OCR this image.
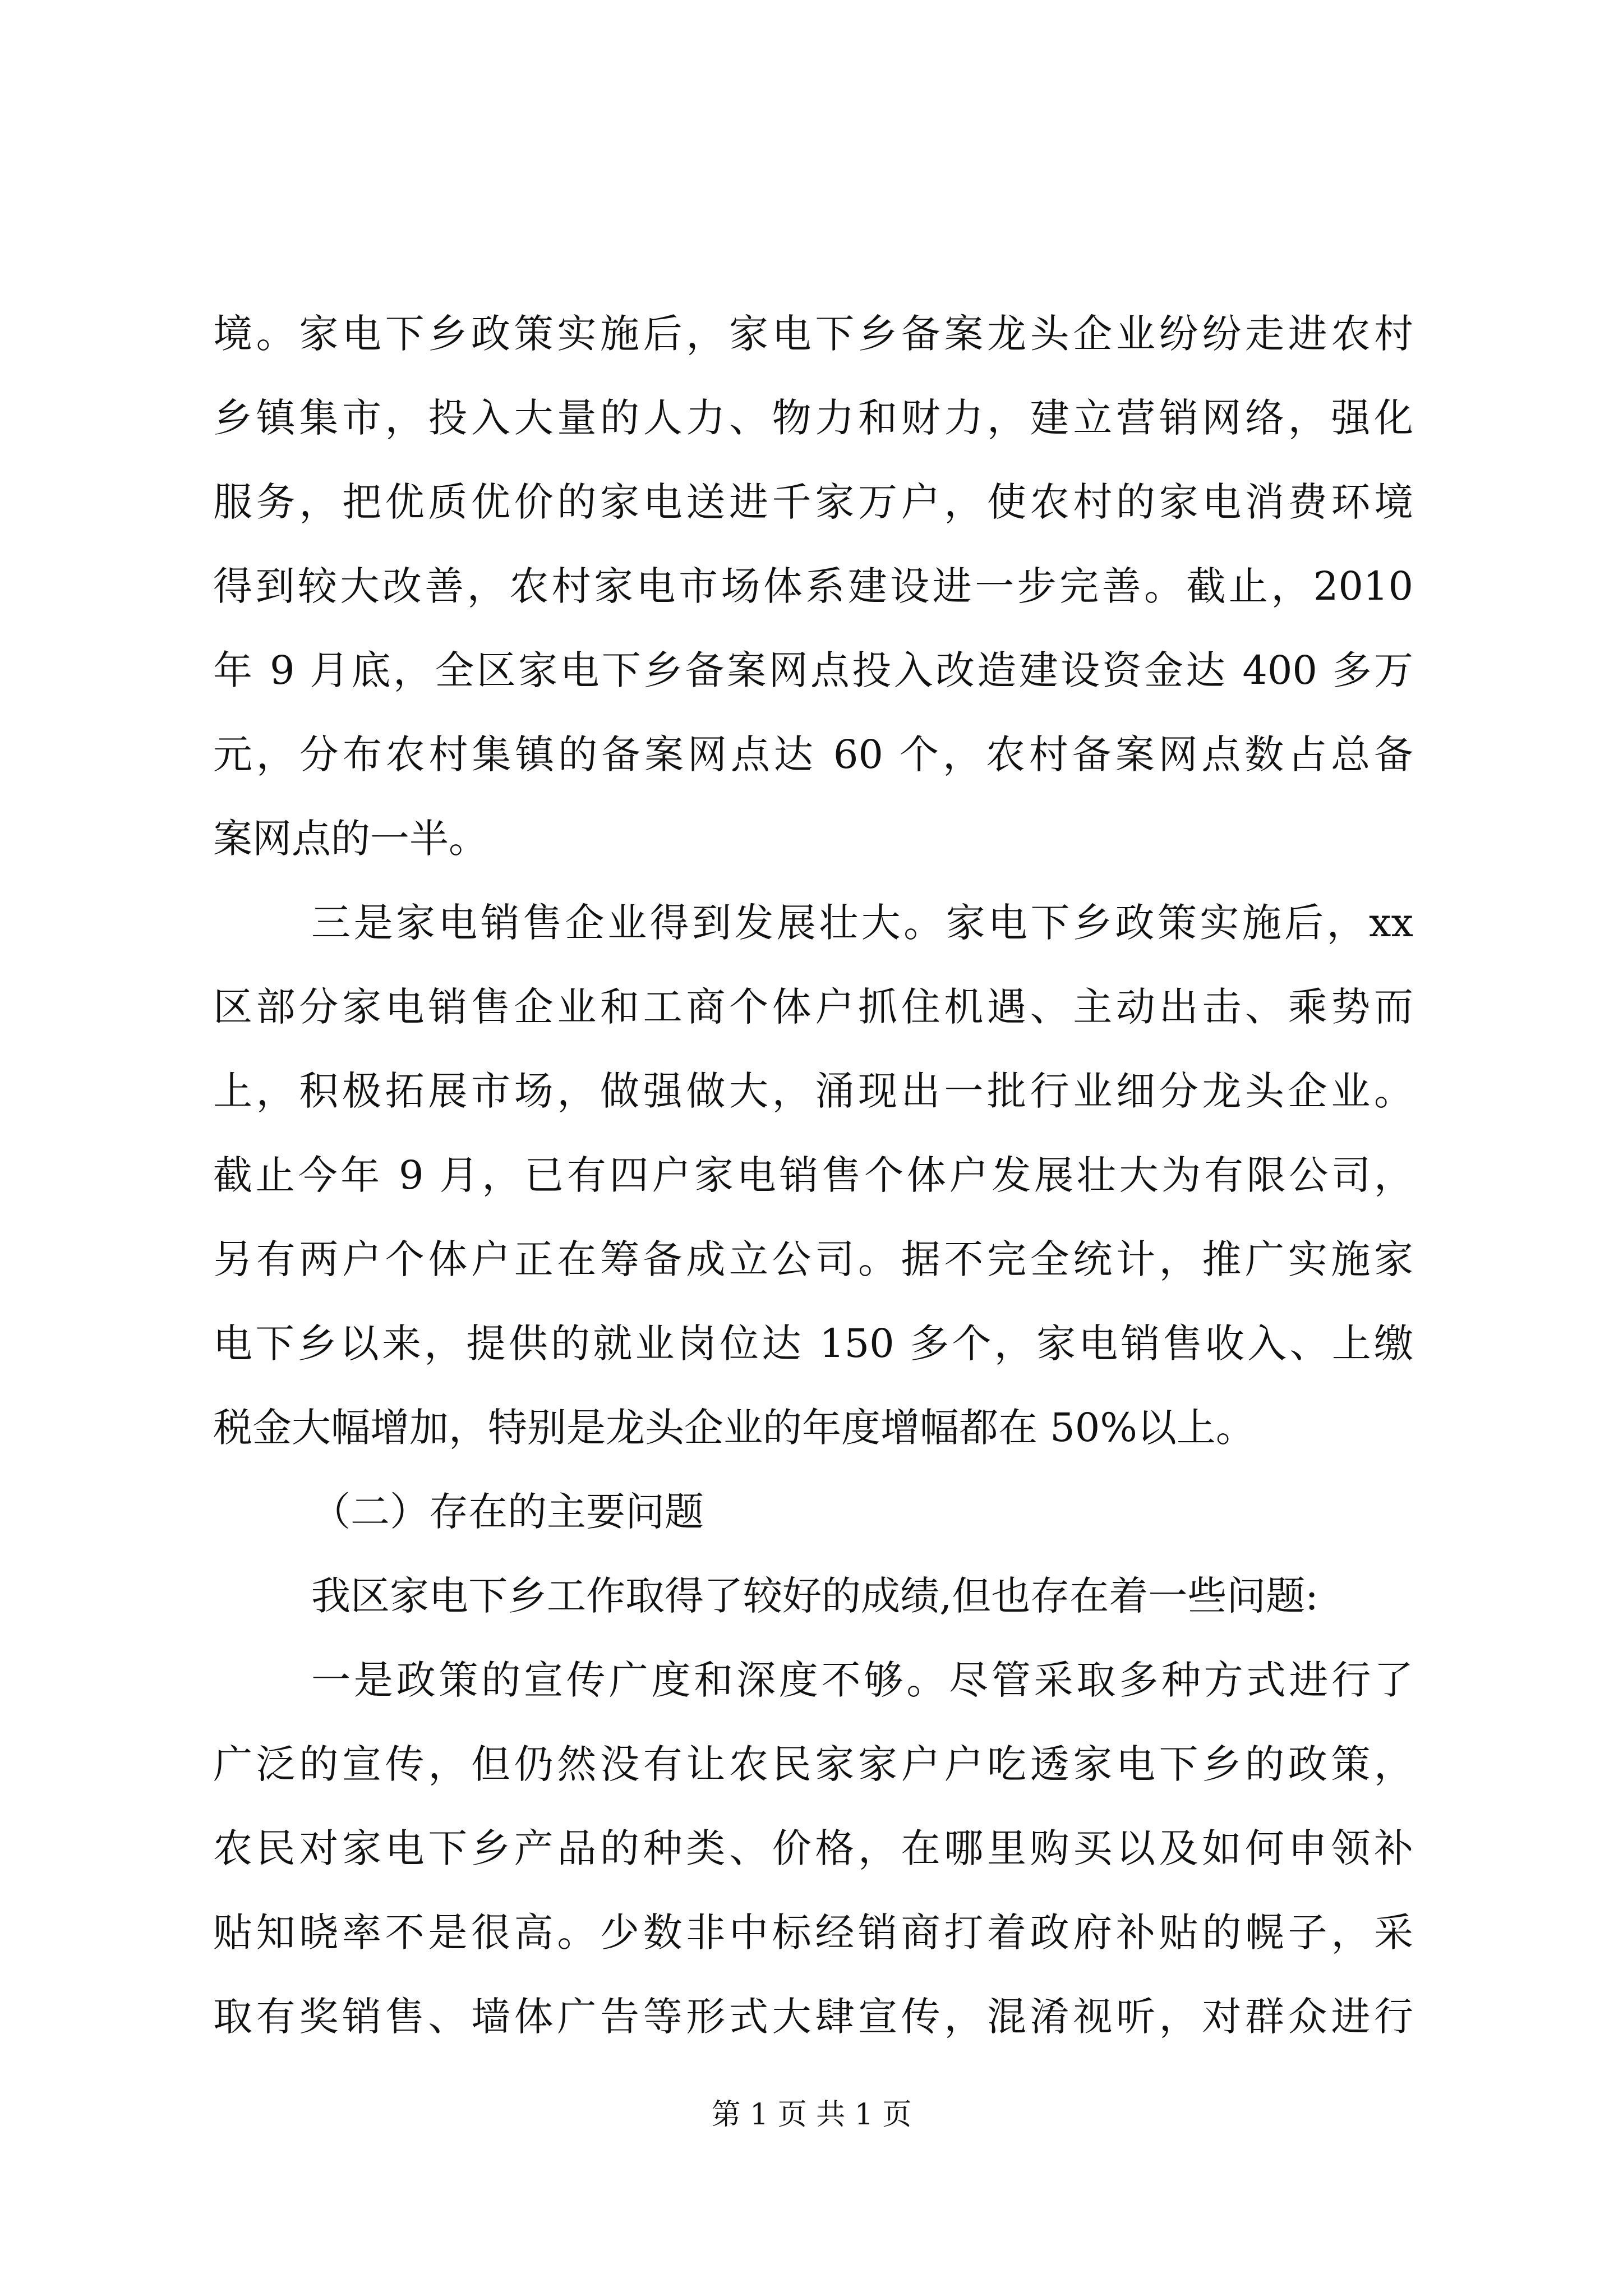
境。家电下乡政策实施后，家电下乡备案龙头企业纷纷走进农村
乡镇集市，投入大量的人力、物力和财力，建立营销网络，强化
服务，把优质优价的家电送进千家万户，使农村的家电消费环境
得到较大改善，农村家电市场体系建设进一步完善。截止，2010
年 9 月底，全区家电下乡备案网点投入改造建设资金达 400 多万
元，分布农村集镇的备案网点达 60 个，农村备案网点数占总备
案网点的一半。
三是家电销售企业得到发展壮大。家电下乡政策实施后，xx
区部分家电销售企业和工商个体户抓住机遇、主动出击、乘势而
上，积极拓展市场，做强做大，涌现出一批行业细分龙头企业。
截止今年 9 月，已有四户家电销售个体户发展壮大为有限公司，
另有两户个体户正在筹备成立公司。据不完全统计，推广实施家
电下乡以来，提供的就业岗位达 150 多个，家电销售收入、上缴
税金大幅增加，特别是龙头企业的年度增幅都在 50%以上。
（二）存在的主要问题
我区家电下乡工作取得了较好的成绩,但也存在着一些问题:
一是政策的宣传广度和深度不够。尽管采取多种方式进行了
广泛的宣传，但仍然没有让农民家家户户吃透家电下乡的政策，
农民对家电下乡产品的种类、价格，在哪里购买以及如何申领补
贴知晓率不是很高。少数非中标经销商打着政府补贴的幌子，采
取有奖销售、墙体广告等形式大肆宣传，混淆视听，对群众进行
第 1 页 共 1 页
